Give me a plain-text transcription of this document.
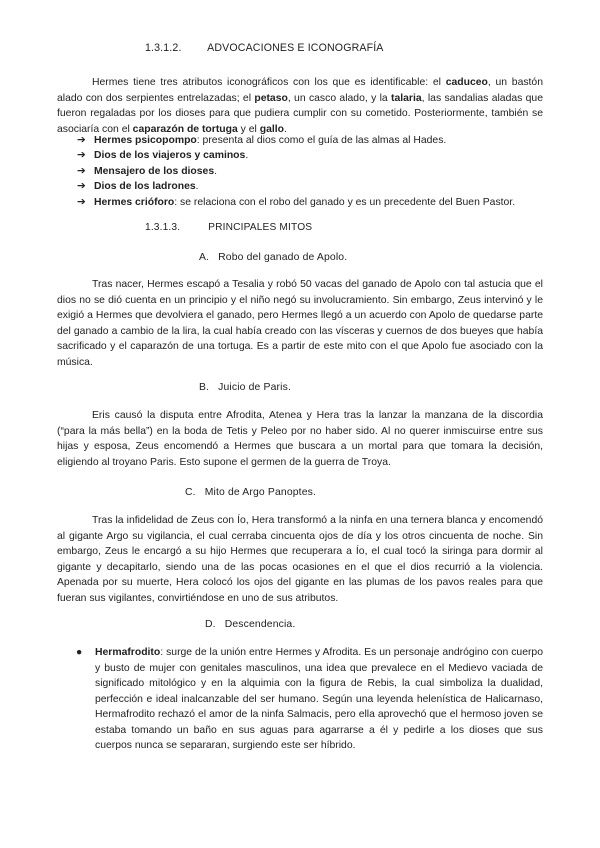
1.3.1.2. ADVOCACIONES E ICONOGRAFÍA

Hermes tiene tres atributos iconográficos con los que es identificable: el caduceo, un bastón alado con dos serpientes entrelazadas; el petaso, un casco alado, y la talaria, las sandalias aladas que fueron regaladas por los dioses para que pudiera cumplir con su cometido. Posteriormente, también se asociaría con el caparazón de tortuga y el gallo.

➔ Hermes psicopompo: presenta al dios como el guía de las almas al Hades.
➔ Dios de los viajeros y caminos.
➔ Mensajero de los dioses.
➔ Dios de los ladrones.
➔ Hermes crióforo: se relaciona con el robo del ganado y es un precedente del Buen Pastor.
1.3.1.3.	PRINCIPALES MITOS
A. Robo del ganado de Apolo.

Tras nacer, Hermes escapó a Tesalia y robó 50 vacas del ganado de Apolo con tal astucia que el dios no se dió cuenta en un principio y el niño negó su involucramiento. Sin embargo, Zeus intervinó y le exigió a Hermes que devolviera el ganado, pero Hermes llegó a un acuerdo con Apolo de quedarse parte del ganado a cambio de la lira, la cual había creado con las vísceras y cuernos de dos bueyes que había sacrificado y el caparazón de una tortuga. Es a partir de este mito con el que Apolo fue asociado con la música.

B. Juicio de Paris.

Eris causó la disputa entre Afrodita, Atenea y Hera tras la lanzar la manzana de la discordia (“para la más bella”) en la boda de Tetis y Peleo por no haber sido. Al no querer inmiscuirse entre sus hijas y esposa, Zeus encomendó a Hermes que buscara a un mortal para que tomara la decisión, eligiendo al troyano Paris. Esto supone el germen de la guerra de Troya.

C. Mito de Argo Panoptes.

Tras la infidelidad de Zeus con Ío, Hera transformó a la ninfa en una ternera blanca y encomendó al gigante Argo su vigilancia, el cual cerraba cincuenta ojos de día y los otros cincuenta de noche. Sin embargo, Zeus le encargó a su hijo Hermes que recuperara a Ío, el cual tocó la siringa para dormir al gigante y decapitarlo, siendo una de las pocas ocasiones en el que el dios recurrió a la violencia. Apenada por su muerte, Hera colocó los ojos del gigante en las plumas de los pavos reales para que fueran sus vigilantes, convirtiéndose en uno de sus atributos.

D. Descendencia.
● Hermafrodito: surge de la unión entre Hermes y Afrodita. Es un personaje andrógino con cuerpo y busto de mujer con genitales masculinos, una idea que prevalece en el Medievo vaciada de significado mitológico y en la alquimia con la figura de Rebis, la cual simboliza la dualidad, perfección e ideal inalcanzable del ser humano. Según una leyenda helenística de Halicarnaso, Hermafrodito rechazó el amor de la ninfa Salmacis, pero ella aprovechó que el hermoso joven se estaba tomando un baño en sus aguas para agarrarse a él y pedirle a los dioses que sus cuerpos nunca se separaran, surgiendo este ser híbrido.
